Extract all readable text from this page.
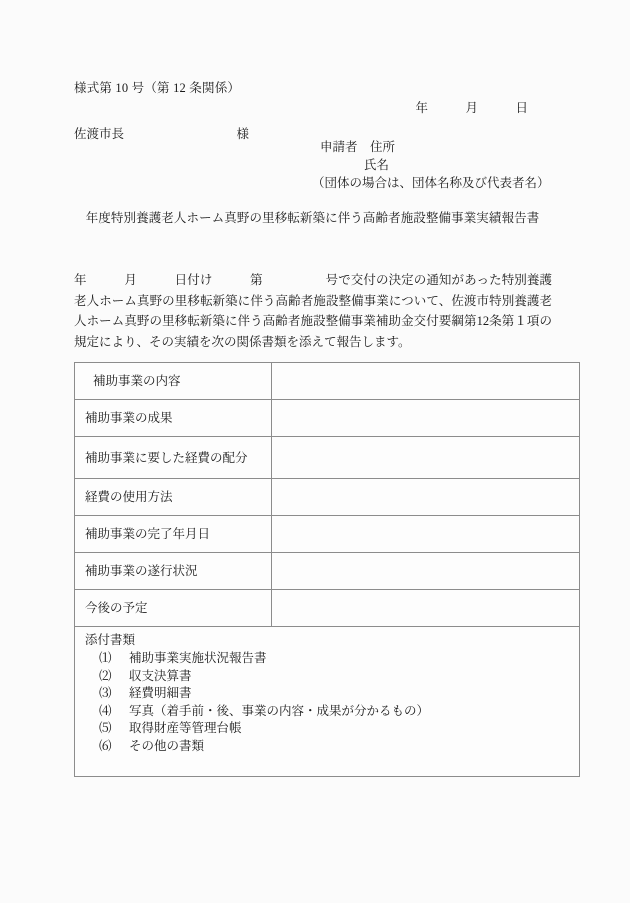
様式第 10 号（第 12 条関係）
年　　　月　　　日
佐渡市長　　　　　　　　　様
申請者　住所
氏名
（団体の場合は、団体名称及び代表者名）
年度特別養護老人ホーム真野の里移転新築に伴う高齢者施設整備事業実績報告書
年　　　月　　　日付け　　　第　　　　　号で交付の決定の通知があった特別養護老人ホーム真野の里移転新築に伴う高齢者施設整備事業について、佐渡市特別養護老人ホーム真野の里移転新築に伴う高齢者施設整備事業補助金交付要綱第12条第１項の規定により、その実績を次の関係書類を添えて報告します。
補助事業の内容	
補助事業の成果	
補助事業に要した経費の配分	
経費の使用方法	
補助事業の完了年月日	
補助事業の遂行状況	
今後の予定	

添付書類
⑴ 補助事業実施状況報告書
⑵ 収支決算書
⑶ 経費明細書
⑷ 写真（着手前・後、事業の内容・成果が分かるもの）
⑸ 取得財産等管理台帳
⑹ その他の書類
